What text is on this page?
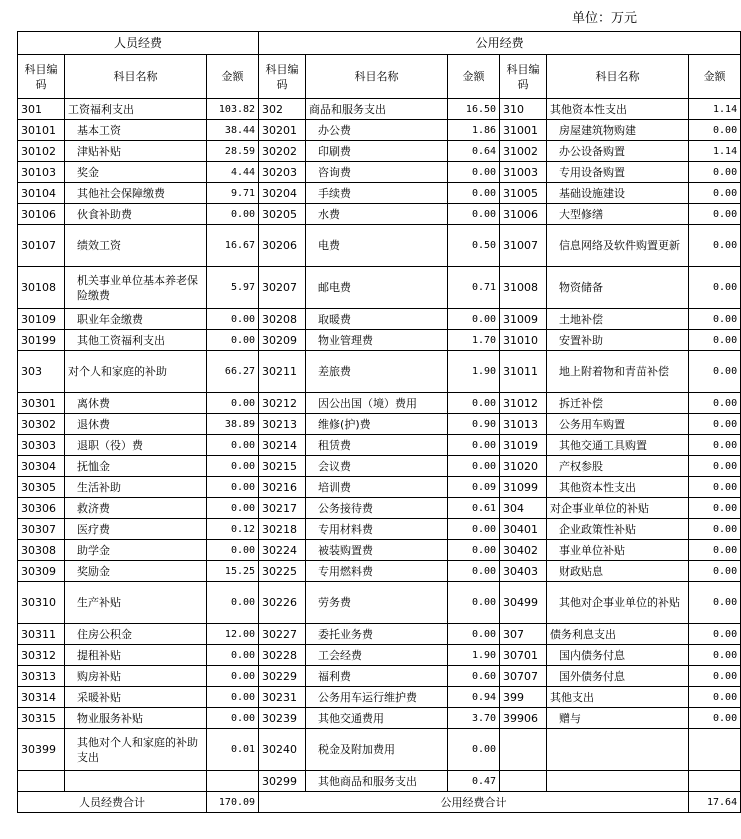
单位：万元
人员经费			公用经费					
科目编码	科目名称	金额	科目编码	科目名称	金额	科目编码	科目名称	金额
301	工资福利支出	103.82	302	商品和服务支出	16.50	310	其他资本性支出	1.14
30101	基本工资	38.44	30201	办公费	1.86	31001	房屋建筑物购建	0.00
30102	津贴补贴	28.59	30202	印刷费	0.64	31002	办公设备购置	1.14
30103	奖金	4.44	30203	咨询费	0.00	31003	专用设备购置	0.00
30104	其他社会保障缴费	9.71	30204	手续费	0.00	31005	基础设施建设	0.00
30106	伙食补助费	0.00	30205	水费	0.00	31006	大型修缮	0.00
30107	绩效工资	16.67	30206	电费	0.50	31007	信息网络及软件购置更新	0.00
30108	机关事业单位基本养老保险缴费	5.97	30207	邮电费	0.71	31008	物资储备	0.00
30109	职业年金缴费	0.00	30208	取暖费	0.00	31009	土地补偿	0.00
30199	其他工资福利支出	0.00	30209	物业管理费	1.70	31010	安置补助	0.00
303	对个人和家庭的补助	66.27	30211	差旅费	1.90	31011	地上附着物和青苗补偿	0.00
30301	离休费	0.00	30212	因公出国（境）费用	0.00	31012	拆迁补偿	0.00
30302	退休费	38.89	30213	维修(护)费	0.90	31013	公务用车购置	0.00
30303	退职（役）费	0.00	30214	租赁费	0.00	31019	其他交通工具购置	0.00
30304	抚恤金	0.00	30215	会议费	0.00	31020	产权参股	0.00
30305	生活补助	0.00	30216	培训费	0.09	31099	其他资本性支出	0.00
30306	救济费	0.00	30217	公务接待费	0.61	304	对企事业单位的补贴	0.00
30307	医疗费	0.12	30218	专用材料费	0.00	30401	企业政策性补贴	0.00
30308	助学金	0.00	30224	被装购置费	0.00	30402	事业单位补贴	0.00
30309	奖励金	15.25	30225	专用燃料费	0.00	30403	财政贴息	0.00
30310	生产补贴	0.00	30226	劳务费	0.00	30499	其他对企事业单位的补贴	0.00
30311	住房公积金	12.00	30227	委托业务费	0.00	307	债务利息支出	0.00
30312	提租补贴	0.00	30228	工会经费	1.90	30701	国内债务付息	0.00
30313	购房补贴	0.00	30229	福利费	0.60	30707	国外债务付息	0.00
30314	采暖补贴	0.00	30231	公务用车运行维护费	0.94	399	其他支出	0.00
30315	物业服务补贴	0.00	30239	其他交通费用	3.70	39906	赠与	0.00
30399	其他对个人和家庭的补助支出	0.01	30240	税金及附加费用	0.00			
			30299	其他商品和服务支出	0.47			
人员经费合计		170.09	公用经费合计					17.64
